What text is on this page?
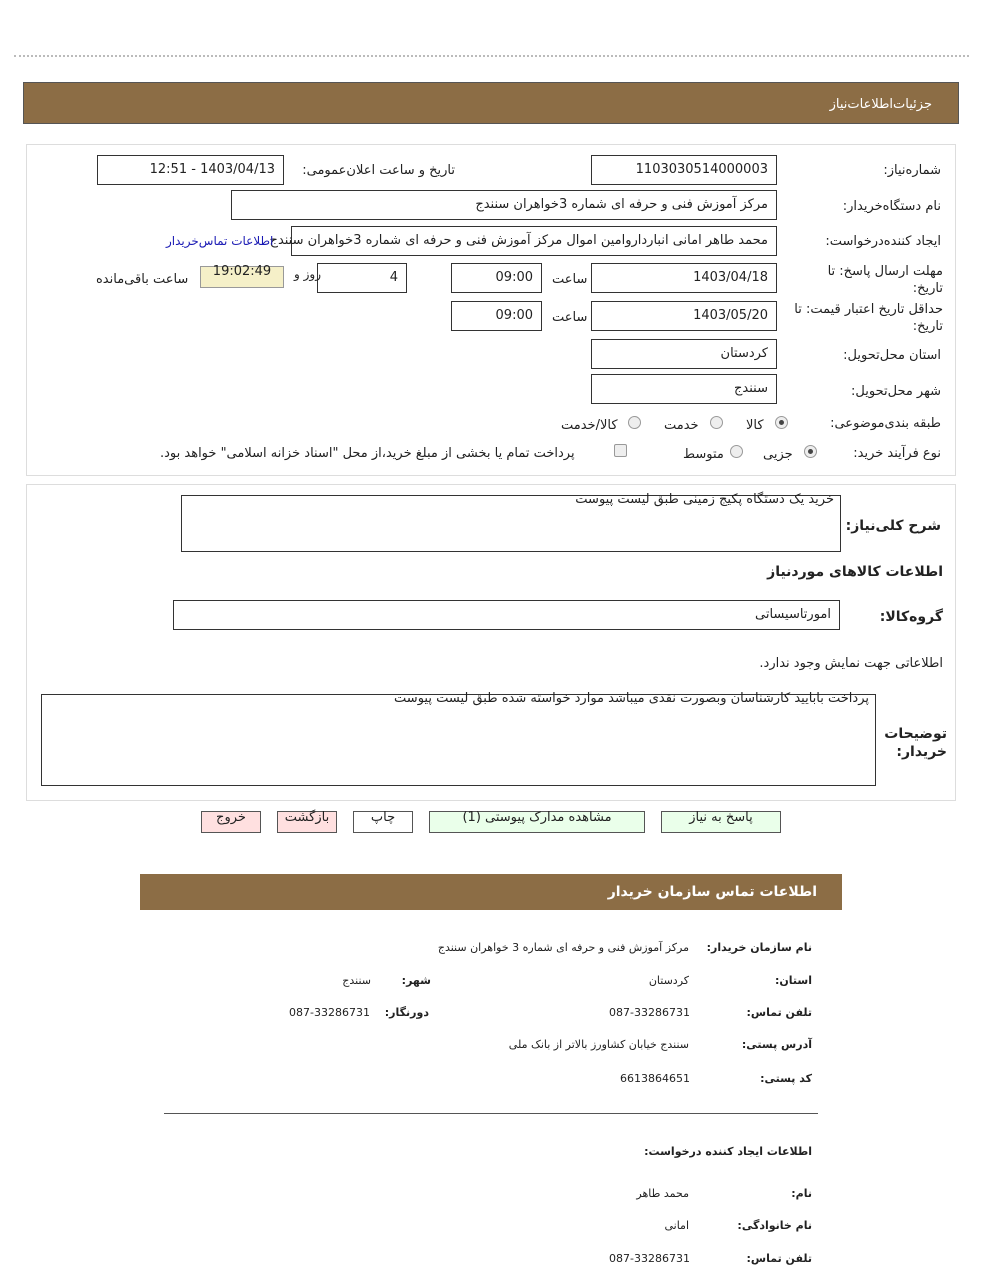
جزئیات‌اطلاعات‌نیاز
شماره‌نیاز:
1103030514000003
تاریخ و ساعت اعلان‌عمومی:
1403/04/13 - 12:51
نام دستگاه‌خریدار:
مرکز آموزش فنی و حرفه ای شماره 3خواهران سنندج
ایجاد کننده‌درخواست:
محمد طاهر امانی انباردارو‌امین اموال مرکز آموزش فنی و حرفه ای شماره 3خواهران سنندج
اطلاعات تماس‌خریدار
مهلت ارسال پاسخ: تا
تاریخ:
1403/04/18
ساعت
09:00
4
روز و
19:02:49
ساعت باقی‌مانده
حداقل تاریخ اعتبار قیمت: تا
تاریخ:
1403/05/20
ساعت
09:00
استان محل‌تحویل:
کردستان
شهر محل‌تحویل:
سنندج
طبقه بندی‌موضوعی:
کالا
خدمت
کالا/خدمت
نوع فرآیند خرید:
جزیی
متوسط
پرداخت تمام یا بخشی از مبلغ خرید،از محل "اسناد خزانه اسلامی" خواهد بود.
شرح کلی‌نیاز:
خرید یک دستگاه پکیج زمینی طبق لیست پیوست
اطلاعات کالاهای مورد‌نیاز
گروه‌کالا:
امور‌تاسیساتی
اطلاعاتی جهت نمایش وجود ندارد.
توضیحات
خریدار:
پرداخت بابایید کارشناسان وبصورت نقدی میباشد موارد خواسته شده طبق لیست پیوست
پاسخ به نیاز
مشاهده مدارک پیوستی (1)
چاپ
بازگشت
خروج
اطلاعات تماس سازمان خریدار
نام سازمان خریدار:
مرکز آموزش فنی و حرفه ای شماره 3 خواهران سنندج
استان:
کردستان
شهر:
سنندج
تلفن تماس:
087-33286731
دورنگار:
087-33286731
آدرس پستی:
سنندج خیابان کشاورز بالاتر از بانک ملی
کد پستی:
6613864651
اطلاعات ایجاد کننده درخواست:
نام:
محمد طاهر
نام خانوادگی:
امانی
تلفن تماس:
087-33286731
